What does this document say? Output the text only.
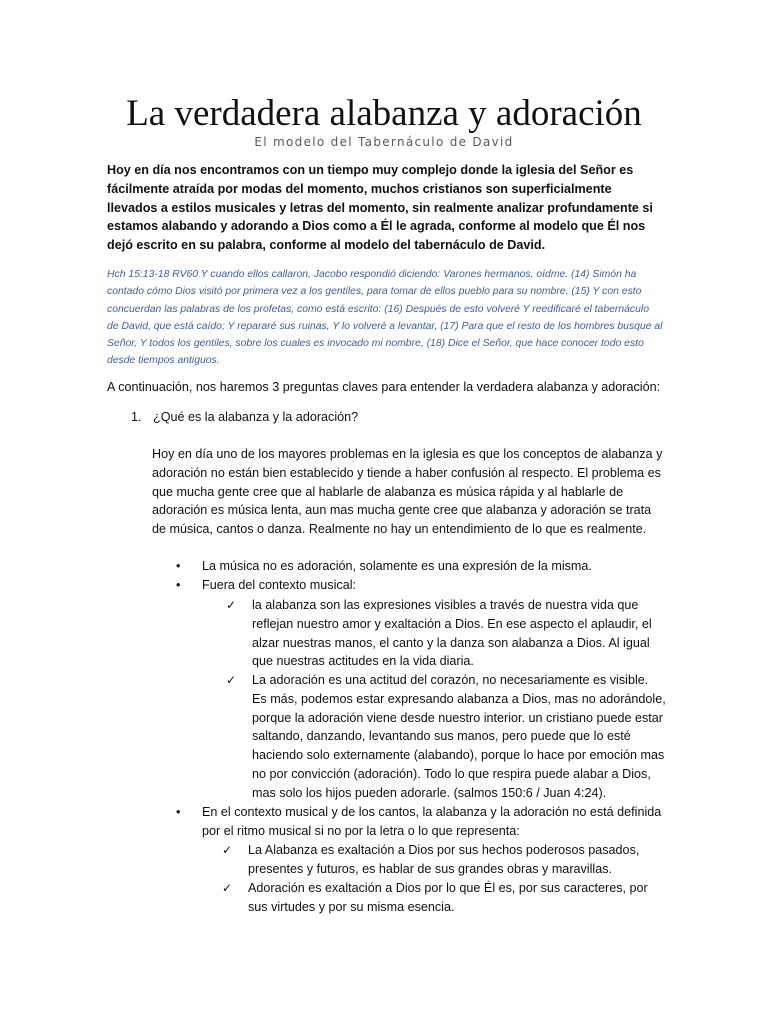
La verdadera alabanza y adoración
El modelo del Tabernáculo de David

Hoy en día nos encontramos con un tiempo muy complejo donde la iglesia del Señor es fácilmente atraída por modas del momento, muchos cristianos son superficialmente llevados a estilos musicales y letras del momento, sin realmente analizar profundamente si estamos alabando y adorando a Dios como a Él le agrada, conforme al modelo que Él nos dejó escrito en su palabra, conforme al modelo del tabernáculo de David.

Hch 15:13-18 RV60 Y cuando ellos callaron, Jacobo respondió diciendo: Varones hermanos, oídme. (14) Simón ha contado cómo Dios visitó por primera vez a los gentiles, para tomar de ellos pueblo para su nombre. (15) Y con esto concuerdan las palabras de los profetas, como está escrito: (16) Después de esto volveré Y reedificaré el tabernáculo de David, que está caído; Y repararé sus ruinas, Y lo volveré a levantar, (17) Para que el resto de los hombres busque al Señor, Y todos los gentiles, sobre los cuales es invocado mi nombre, (18) Dice el Señor, que hace conocer todo esto desde tiempos antiguos.

A continuación, nos haremos 3 preguntas claves para entender la verdadera alabanza y adoración:

1. ¿Qué es la alabanza y la adoración?

Hoy en día uno de los mayores problemas en la iglesia es que los conceptos de alabanza y adoración no están bien establecido y tiende a haber confusión al respecto. El problema es que mucha gente cree que al hablarle de alabanza es música rápida y al hablarle de adoración es música lenta, aun mas mucha gente cree que alabanza y adoración se trata de música, cantos o danza. Realmente no hay un entendimiento de lo que es realmente.

•	La música no es adoración, solamente es una expresión de la misma.
•	Fuera del contexto musical:
✓ la alabanza son las expresiones visibles a través de nuestra vida que reflejan nuestro amor y exaltación a Dios. En ese aspecto el aplaudir, el alzar nuestras manos, el canto y la danza son alabanza a Dios. Al igual que nuestras actitudes en la vida diaria.
✓ La adoración es una actitud del corazón, no necesariamente es visible. Es más, podemos estar expresando alabanza a Dios, mas no adorándole, porque la adoración viene desde nuestro interior. un cristiano puede estar saltando, danzando, levantando sus manos, pero puede que lo esté haciendo solo externamente (alabando), porque lo hace por emoción mas no por convicción (adoración). Todo lo que respira puede alabar a Dios, mas solo los hijos pueden adorarle. (salmos 150:6 / Juan 4:24).
•	En el contexto musical y de los cantos, la alabanza y la adoración no está definida por el ritmo musical si no por la letra o lo que representa:
✓ La Alabanza es exaltación a Dios por sus hechos poderosos pasados, presentes y futuros, es hablar de sus grandes obras y maravillas.
✓ Adoración es exaltación a Dios por lo que Él es, por sus caracteres, por sus virtudes y por su misma esencia.
